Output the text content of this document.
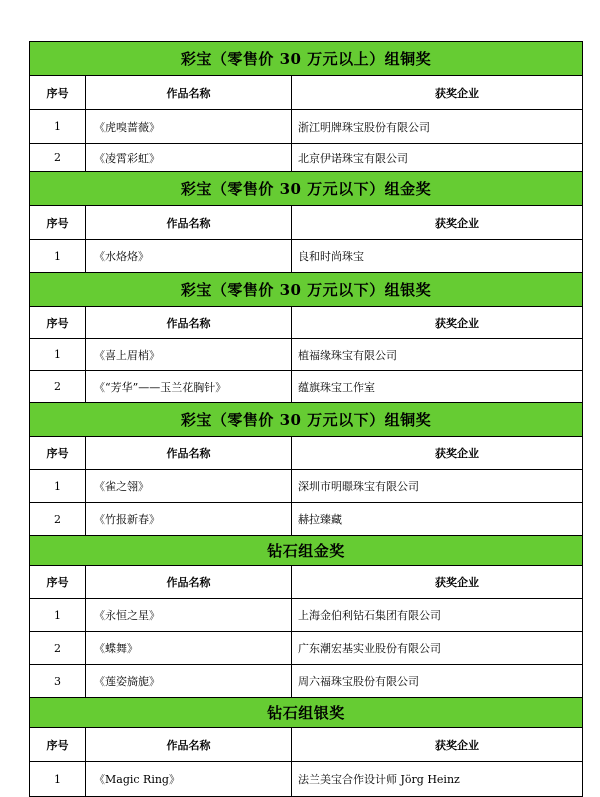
彩宝（零售价 30 万元以上）组铜奖		
序号	作品名称	获奖企业
1	《虎嗅蔷薇》	浙江明牌珠宝股份有限公司
2	《凌霄彩虹》	北京伊诺珠宝有限公司
彩宝（零售价 30 万元以下）组金奖		
序号	作品名称	获奖企业
1	《水烙烙》	良和时尚珠宝
彩宝（零售价 30 万元以下）组银奖		
序号	作品名称	获奖企业
1	《喜上眉梢》	植福缘珠宝有限公司
2	《“芳华”——玉兰花胸针》	蕴旗珠宝工作室
彩宝（零售价 30 万元以下）组铜奖		
序号	作品名称	获奖企业
1	《雀之翎》	深圳市明暻珠宝有限公司
2	《竹报新春》	赫拉臻藏
钻石组金奖		
序号	作品名称	获奖企业
1	《永恒之星》	上海金伯利钻石集团有限公司
2	《蝶舞》	广东潮宏基实业股份有限公司
3	《莲姿旖旎》	周六福珠宝股份有限公司
钻石组银奖		
序号	作品名称	获奖企业
1	《Magic Ring》	法兰美宝合作设计师 Jörg Heinz
